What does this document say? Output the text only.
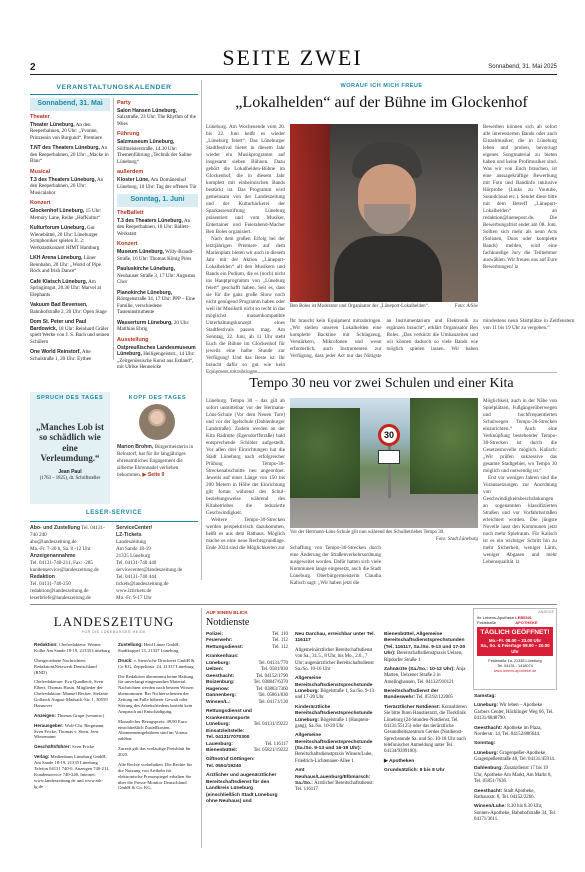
SEITE ZWEI
2	Sonnabend, 31. Mai 2025
VERANSTALTUNGSKALENDER
Sonnabend, 31. Mai
Theater

Theater Lüneburg, An den Reeperbahnen, 20 Uhr: „Yvonne, Prinzessin von Burgund“. Premiere

T.NT des Theaters Lüneburg, An den Reeperbahnen, 20 Uhr: „Macke in Blau“

Musical

T.3 des Theaters Lüneburg, An den Reeperbahnen, 20 Uhr: Musicalabor

Konzert

Glockenhof Lüneburg, 15 Uhr: Memory Lane, Reihe „HofKultur“

Kulturforum Lüneburg, Gut Wienebüttel, 20 Uhr: Lüneburger Symphoniker spielen Jr. 2: Werkstattkonzert HfMT Hamburg

LKH Arena Lüneburg, Lüner Rennbahn, 20 Uhr: „World of Pipe Rock and Irish Dance“

Café Klatsch Lüneburg, Am Springintgut, 20.30 Uhr: Marvel at Elephants

Vakuum Bad Bevensen, Bahnhofstraße 2, 20 Uhr: Open Stage

Dom St. Peter und Paul Bardowick, 18 Uhr: Reinhard Gräler spielt Werke von J. S. Bach und seinen Schülern

One World Reinstorf, Alte Schulstraße 1, 20 Uhr: Eythee

Party

Salon Hansen Lüneburg, Salzstraße, 23 Uhr: The Rhythm of the 90ies

Führung

Salzmuseum Lüneburg, Sülfmeisterstraße, 14.30 Uhr: Themenführung „Technik der Saline Lüneburg“

außerdem

Kloster Lüne, Am Domänenhof Lüneburg, 10 Uhr: Tag der offenen Tür

Sonntag, 1. Juni
TheBallett

T.3 des Theaters Lüneburg, An den Reeperbahnen, 18 Uhr: Ballett-Werkstatt

Konzert

Museum Lüneburg, Willy-Brandt-Straße, 16 Uhr: Thomas König Pires

Pauluskirche Lüneburg, Neuhauser Straße 3, 17 Uhr: Augustus Chor

Pianokirche Lüneburg, Röntgenstraße 34, 17 Uhr: PPP – Eine Familie, verschiedene Tasteninstrumente

Wasserturm Lüneburg, 20 Uhr: Matthias Ehrig

Ausstellung

Ostpreußisches Landesmuseum Lüneburg, Heiligengeiststr., 14 Uhr: „Zeitgenössische Kunst aus Estland“, mit Ulrike Henneicke

SPRUCH DES TAGES
„Manches Lob ist so schädlich wie eine Verleumdung.“
Jean Paul
(1763 – 1825), dt. Schriftsteller
KOPF DES TAGES
Marion Brohm, Bürgermeisterin in Reinstorf, hat für ihr langjähriges ehrenamtliches Engagement die silberne Ehrennadel verliehen bekommen. ▶ Seite 9
LESER-SERVICE
Abo- und Zustellung Tel. 04131-740 240
abo@landeszeitung.de
Mo.-Fr. 7-30 h, Sa. 8 -12 Uhr
Anzeigenannahme
Tel. 04131-740-211, Fax: -285
kundenservice@landeszeitung.de
Redaktion
Tel. 04131-740-250
redaktion@landeszeitung.de
leserbriefe@landeszeitung.de
ServiceCenter/
LZ-Tickets
Landeszeitung
Am Sande 18-19
21335 Lüneburg
Tel. 04131-740 440
servicecenter@landeszeitung.de
Tel. 04131-740 444
tickets@landeszeitung.de
www.lztickets.de
Mo.-Fr. 9-17 Uhr
WORAUF ICH MICH FREUE
„Lokalhelden“ auf der Bühne im Glockenhof
Lüneburg. Am Wochenende vom 20. bis 22. Juni heißt es wieder „Lüneburg feiert“. Das Lüneburger Stadtfestival bietet in diesem Jahr wieder ein Musikprogramm auf insgesamt sieben Bühnen. Dazu gehört die Lokalhelden-Bühne im Glockenhof, die in diesem Jahr komplett mit einheimischen Bands bestückt ist. Das Programm wird gemeinsam von der Landeszeitung und der Kulturbäckerei der Sparkassenstiftung Lüneburg präsentiert und vom Musiker, Entertainer und Feierabend-Macher Ben Boles organisiert.
Nach dem großen Erfolg bei der letztjährigen Premiere auf dem Marienplatz bieten wir auch in diesem Jahr mit der Aktion „Lüneport-Lokalhelden“ all den Musikern und Bands ein Podium, die es (noch) nicht ins Hauptprogramm von „Lüneburg feiert“ geschafft haben. Seit es, dass sie für die ganz große Show noch nicht genügend Programm haben oder weil ihr Musikstil nicht so recht in das möglichst massenkompatible Unterhaltungskonzept eines Stadtfestivals passen mag. Am Sonntag, 22. Juni, ab 11 Uhr steht Euch die Bühne im Glockenhof für jeweils eine halbe Stunde zur Verfügung! Und das Beste ist: Ihr braucht dafür so gut wie kein Equipment mitzubringen.
Ben Boles ist Moderator und Organisator der „Lüneport-Lokalhelden“.	Foto: A/Siw
Ihr braucht kein Equipment mitzubringen. „Wir stellen unseren Lokalhelden eine komplette Backline mit Schlagzeug, Verstärkern, Mikrofonen und wenn erforderlich, auch Instrumenten zur Verfügung, dass jeder Act nur das Nötigste an Instrumentarium und Elektronik zu ergänzen braucht“, erklärt Organisator Ben Boles. „Das verkürzt die Umbauzeiten und wir können dadurch so viele Bands wie möglich spielen lassen. Wir haben mindestens neun Startplätze in Zeitfenstern von 11 bis 19 Uhr zu vergeben.“
Bewerben können sich ab sofort alle interessierten Bands oder auch Einzelmusiker, die in Lüneburg leben und proben, bevorzugt eigenes Songmaterial zu bieten haben und keine Profimusiker sind. Was wir von Euch brauchen, ist eine aussagekräftige Bewerbung mit Foto und Bandinfo inklusive Hörprobe (Links zu Youtube, Soundcloud etc.). Sendet diese bitte mit dem Betreff „Lüneport-Lokalhelden“ an redaktion@luenepost.de. Die Bewerbungsfrist endet am 08. Juni. Sollten sich mehr als neun Acts (Solisten, Duos oder komplette Bands) melden, wird eine fachkundige Jury die Teilnehmer auswählen. Wir freuen uns auf Eure Bewerbungen! lz
Tempo 30 neu vor zwei Schulen und einer Kita
Lüneburg. Tempo 30 – das gilt ab sofort unmittelbar vor der Hermann-Löns-Schule (Vor dem Neuen Tore) und vor der Igelschule (Dahlenburger Landstraße). Zudem werden an der Kita Radrutte (Egersdorffstraße) bald entsprechende Schilder aufgestellt. Vor allen drei Einrichtungen hat die Stadt Lüneburg nach erfolgreicher Prüfung Tempo-30-Streckenabschnitte neu angeordnet. Jeweils auf einer Länge von 150 bis 200 Metern in Höhe der Einrichtung gilt fortan während des Schul- beziehungsweise während des Kitabetriebes die reduzierte Geschwindigkeit.
Weitere Tempo-30-Strecken werden perspektivisch dazukommen, heißt es aus dem Rathaus. Möglich mache es eine neue Rechtsgrundlage. Ende 2024 sind die Möglichkeiten zur
30
Vor der Hermann-Löns-Schule gilt nun während des Schulbetriebes Tempo 30.
Foto: Stadt Lüneburg
Schaffung von Tempo-30-Strecken durch eine Änderung der Straßenverkehrsordnung ausgeweitet worden. Dafür hatten sich viele Kommunen lange eingesetzt, auch die Stadt Lüneburg. Oberbürgermeisterin Claudia Kalisch sagt: „Wir haben jetzt die
Möglichkeit, auch in der Nähe von Spielplätzen, Fußgängerüberwegen und hochfrequentierten Schulwegen Tempo-30-Strecken einzurichten.“ Auch eine Verknüpfung bestehender Tempo-30-Strecken ist durch die Gesetzesnovelle möglich. Kalisch: „Wir prüfen sukzessive das gesamte Stadtgebiet, wo Tempo 30 möglich und notwendig ist.“
Erst vor wenigen Jahren sind die Voraussetzungen zur Anordnung von Geschwindigkeitsbeschränkungen an sogenannten klassifizierten Straßen und vor Vorfahrtsstraßen erleichtert worden. Die jüngste Novelle lasst den Kommunen jetzt noch mehr Spielraum. Für Kalisch ist es ein wichtiger Schritt hin zu mehr Sicherheit, weniger Lärm, weniger Abgasen und mehr Lebensqualität. lz
LANDESZEITUNG
FÜR DIE LÜNEBURGER HEIDE

Redaktion: Chefredakteur: Werner Kolbe Am Sande 18-19, 21335 Lüneburg

Übergeordnete Nachrichten: RedaktionsNetzwerk Deutschland (RND)

Chefredakteure: Eva Quadbeck, Sven Elbert, Thomas Hasin. Mitglieder der Chefredaktion: Manuel Becker, Stefanie Gollasch August-Madsack-Str. 1, 30559 Hannover

Anzeigen: Thomas Grupe (verantw.)

Herausgeber: Wolf-Chr. Bergmann, Sven Fricke, Thomas v. Stern, Jens Wiesemann

Geschäftsführer: Sven Fricke

Verlag: Medienhaus Lüneburg GmbH, Am Sande 18-19, 21335 Lüneburg Telefon 04131 740-0, Anzeigen 740-211, Kundenservice 740-240, Internet: www.landeszeitung.de und www.mh-lg.de

Zustellung: Heid Lüner GmbH, Stadtkoppel 13, 21337 Lüneburg

Druck: v. Stern'sche Druckerei GmbH & Co KG, Zeppelinstr. 24, 21337 Lüneburg

Die Redaktion übernimmt keine Haftung für unverlangt eingesandtes Material. Nachrichten werden nach bestem Wissen übernommen. Bei Nichterscheinen der Zeitung im Falle höherer Gewalt oder Störung des Arbeitsfriedens besteht kein Anspruch auf Entschädigung.

Monatlicher Bezugspreis: 49,90 Euro einschließlich Zustellkosten. Abonnementgebühren sind im Voraus zahlbar.

Zurzeit gilt das vorläufige Preisblatt für 2025.

Alle Rechte vorbehalten. Die Rechte für die Nutzung von Artikeln für elektronische Pressespiegel erhalten Sie über die Presse-Monitor Deutschland GmbH & Co. KG.

AUF EINEN BLICK
Notdienste
Polizei:	Tel. 110
Feuerwehr:	Tel. 112
Rettungsdienst:	Tel. 112
Krankenhaus:
Lüneburg:	Tel. 04131/770
Uelzen:	Tel. 0581/830
Geesthacht:	Tel. 04152/1790
Boizenburg:	Tel. 038847/6370
Hagenow:	Tel. 03883/7360
Dannenberg:	Tel. 05861/830
Winsen/L.:	Tel. 04171/130
Rettungsdienst und Krankentransporte
Lüneburg:	Tel. 04131/19222
Einsatzleitstelle:
Tel. 04131/7070300
Lauenburg:	Tel. 116117
Bienenbüttel:	Tel. 05821/19222
Giftnotruf Göttingen:
Tel. 0551/19240
Ärztlicher und augenärztlicher Bereitschaftsdienst für den Landkreis Lüneburg (einschließlich Stadt Lüneburg ohne Neuhaus) und

Neu Darchau, erreichbar unter Tel. 116117

Allgemeinärztlicher Bereitschaftsdienst von Sa., 31.5., 8 Uhr, bis Mo., 2.6., 7 Uhr; augenärztlicher Bereitschaftsdienst Sa./So. 10-16 Uhr

Allgemeine Bereitschaftsdienstsprechstunde Lüneburg: Bögelstraße 1, Sa./So. 9-13 und 17-20 Uhr

Kinderärztliche Bereitschaftsdienstsprechstunde Lüneburg: Bögelstraße 1 (Hauptein-gang), Sa./So. 10-20 Uhr

Allgemeine Bereitschaftsdienstsprechstunde (Sa./So. 9-13 und 16-19 Uhr): Bereitschaftsdienstpraxis Winsen/Luhe, Friedrich-Lichtenauer-Allee 1

Amt Neuhaus/Lauenburg/Elbmarsch: Sa./So.: Ärztlicher Bereitschaftsdienst: Tel. 116117

Bienenbüttel, Allgemeine Bereitschaftsdienstsprechstunden (Tel. 116117, Sa./So. 9-13 und 17-20 Uhr): Bereitschaftsdienstpraxis Uelzen, Ripdorfer Straße 1

Zahnärzte (Sa./So.: 10-12 Uhr): Anja Marten, Uelzener Straße 2 in Amelinghausen, Tel. 04132/910121

Bereitschaftsdienst der Bundeswehr: Tel. 05192/122005

Tierärztlicher Notdienst: Konsultieren Sie bitte Ihren Haustierarzt, die Tierklinik Lüneburg (24-Stunden-Notdienst, Tel. 04131/55125) oder das tierärztliche Gesundheitszentrum Gerdes (Notdienst-Sprechstunde Sa. und So. 10-18 Uhr nach telefonischer Anmeldung unter Tel. 04134/9399100).

▶ Apotheken

Grundsätzlich: 8 bis 8 Uhr

ANZEIGE
Ihr Lebens-Apotheke Feldstraße
LEBENS APOTHEKE
TÄGLICH GEÖFFNET!
Mo.–Fr. 08.00 – 23.00 Uhr
Sa., So. & Feiertage 09.00 – 20.00 Uhr
Feldstraße 1a, 21335 Lüneburg
Tel. 04131 - 1418074
www.lebens-apotheke.de

Samstag:

Lüneburg: Wir leben – Apotheke Garbers Center, Häcklinger Weg 66, Tel. 04131/6848790.

Geesthacht: Apotheke im Plaza, Norderstr. 14, Tel. 04152/886644.

Sonntag:

Lüneburg: Gragenpeßer-Apotheke, Gragenpeßerstraße 48, Tel. 04131/45914.

Dahlenburg: Zusatzdienst 17 bis 19 Uhr, Apotheke Am Markt, Am Markt 8, Tel. 05851/7636.

Geesthacht: Stadt Apotheke, Rathausstr. 8, Tel. 04152/2266.

Winsen/Luhe: 8.30 bis 8.30 Uhr, Sonnen-Apotheke, Bahnhofstraße 34, Tel. 04171/3611.
